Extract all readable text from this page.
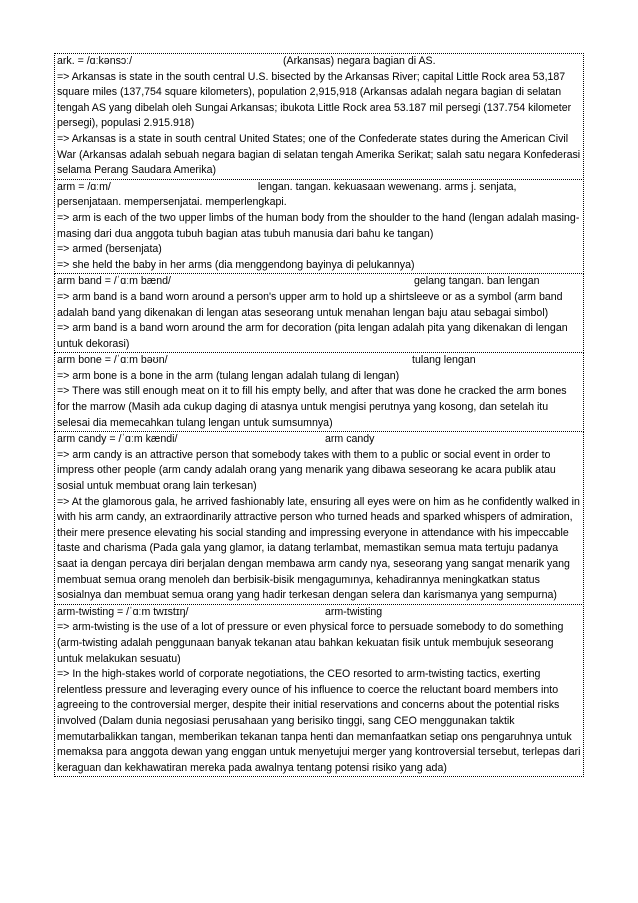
ark. = /ɑːkənsɔː/	(Arkansas) negara bagian di AS.
=> Arkansas is state in the south central U.S. bisected by the Arkansas River; capital Little Rock area 53,187 square miles (137,754 square kilometers), population 2,915,918 (Arkansas adalah negara bagian di selatan tengah AS yang dibelah oleh Sungai Arkansas; ibukota Little Rock area 53.187 mil persegi (137.754 kilometer persegi), populasi 2.915.918)
=> Arkansas is a state in south central United States; one of the Confederate states during the American Civil War (Arkansas adalah sebuah negara bagian di selatan tengah Amerika Serikat; salah satu negara Konfederasi selama Perang Saudara Amerika)
arm = /ɑːm/	lengan. tangan. kekuasaan wewenang. arms j. senjata, persenjataan. mempersenjatai. memperlengkapi.
=> arm is each of the two upper limbs of the human body from the shoulder to the hand (lengan adalah masing-masing dari dua anggota tubuh bagian atas tubuh manusia dari bahu ke tangan)
=> armed (bersenjata)
=> she held the baby in her arms (dia menggendong bayinya di pelukannya)
arm band = /ˈɑːm bænd/	gelang tangan. ban lengan
=> arm band is a band worn around a person's upper arm to hold up a shirtsleeve or as a symbol (arm band adalah band yang dikenakan di lengan atas seseorang untuk menahan lengan baju atau sebagai simbol)
=> arm band is a band worn around the arm for decoration (pita lengan adalah pita yang dikenakan di lengan untuk dekorasi)
arm bone = /ˈɑːm bəʊn/	tulang lengan
=> arm bone is a bone in the arm (tulang lengan adalah tulang di lengan)
=> There was still enough meat on it to fill his empty belly, and after that was done he cracked the arm bones for the marrow (Masih ada cukup daging di atasnya untuk mengisi perutnya yang kosong, dan setelah itu selesai dia memecahkan tulang lengan untuk sumsumnya)
arm candy = /ˈɑːm kændi/	arm candy
=> arm candy is an attractive person that somebody takes with them to a public or social event in order to impress other people (arm candy adalah orang yang menarik yang dibawa seseorang ke acara publik atau sosial untuk membuat orang lain terkesan)
=> At the glamorous gala, he arrived fashionably late, ensuring all eyes were on him as he confidently walked in with his arm candy, an extraordinarily attractive person who turned heads and sparked whispers of admiration, their mere presence elevating his social standing and impressing everyone in attendance with his impeccable taste and charisma (Pada gala yang glamor, ia datang terlambat, memastikan semua mata tertuju padanya saat ia dengan percaya diri berjalan dengan membawa arm candy nya, seseorang yang sangat menarik yang membuat semua orang menoleh dan berbisik-bisik mengagumınya, kehadirannya meningkatkan status sosialnya dan membuat semua orang yang hadir terkesan dengan selera dan karismanya yang sempurna)
arm-twisting = /ˈɑːm twɪstɪŋ/	arm-twisting
=> arm-twisting is the use of a lot of pressure or even physical force to persuade somebody to do something (arm-twisting adalah penggunaan banyak tekanan atau bahkan kekuatan fisik untuk membujuk seseorang untuk melakukan sesuatu)
=> In the high-stakes world of corporate negotiations, the CEO resorted to arm-twisting tactics, exerting relentless pressure and leveraging every ounce of his influence to coerce the reluctant board members into agreeing to the controversial merger, despite their initial reservations and concerns about the potential risks involved (Dalam dunia negosiasi perusahaan yang berisiko tinggi, sang CEO menggunakan taktik memutarbalikkan tangan, memberikan tekanan tanpa henti dan memanfaatkan setiap ons pengaruhnya untuk memaksa para anggota dewan yang enggan untuk menyetujui merger yang kontroversial tersebut, terlepas dari keraguan dan kekhawatiran mereka pada awalnya tentang potensi risiko yang ada)
